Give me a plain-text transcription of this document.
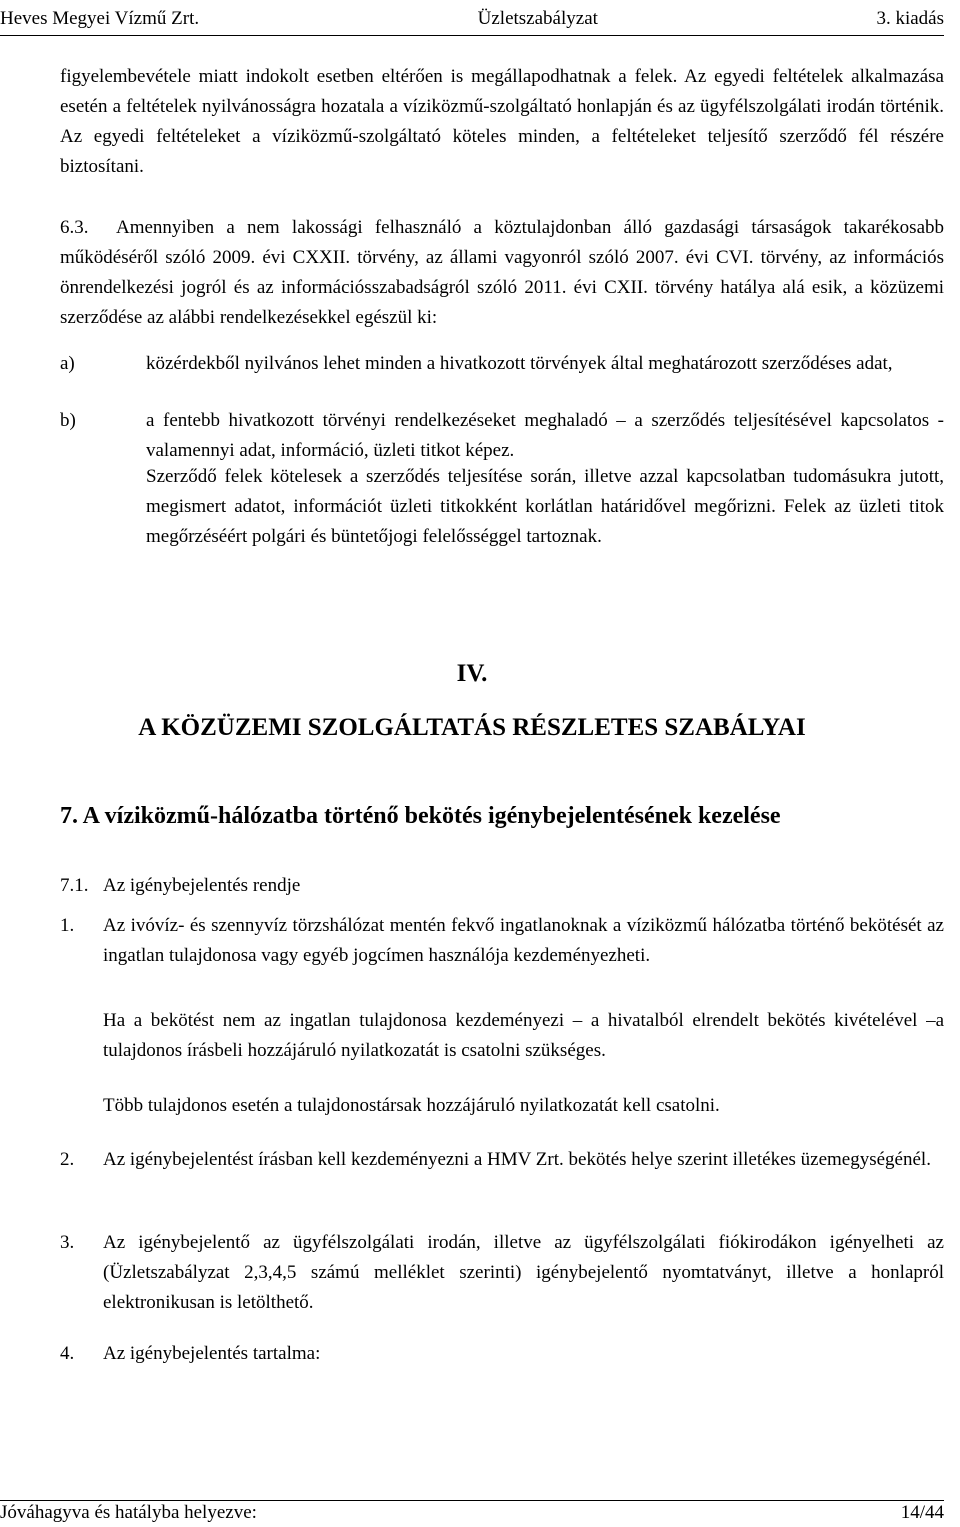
Heves Megyei Vízmű Zrt.	Üzletszabályzat	3. kiadás
figyelembevétele miatt indokolt esetben eltérően is megállapodhatnak a felek. Az egyedi feltételek alkalmazása esetén a feltételek nyilvánosságra hozatala a víziközmű-szolgáltató honlapján és az ügyfélszolgálati irodán történik. Az egyedi feltételeket a víziközmű-szolgáltató köteles minden, a feltételeket teljesítő szerződő fél részére biztosítani.
6.3.	Amennyiben a nem lakossági felhasználó a köztulajdonban álló gazdasági társaságok takarékosabb működéséről szóló 2009. évi CXXII. törvény, az állami vagyonról szóló 2007. évi CVI. törvény, az információs önrendelkezési jogról és az információsszabadságról szóló 2011. évi CXII. törvény hatálya alá esik, a közüzemi szerződése az alábbi rendelkezésekkel egészül ki:
a)	közérdekből nyilvános lehet minden a hivatkozott törvények által meghatározott szerződéses adat,
b)	a fentebb hivatkozott törvényi rendelkezéseket meghaladó – a szerződés teljesítésével kapcsolatos - valamennyi adat, információ, üzleti titkot képez.
Szerződő felek kötelesek a szerződés teljesítése során, illetve azzal kapcsolatban tudomásukra jutott, megismert adatot, információt üzleti titkokként korlátlan határidővel megőrizni. Felek az üzleti titok megőrzéséért polgári és büntetőjogi felelősséggel tartoznak.
IV.
A KÖZÜZEMI SZOLGÁLTATÁS RÉSZLETES SZABÁLYAI
7. A víziközmű-hálózatba történő bekötés igénybejelentésének kezelése
7.1. Az igénybejelentés rendje
1. Az ivóvíz- és szennyvíz törzshálózat mentén fekvő ingatlanoknak a víziközmű hálózatba történő bekötését az ingatlan tulajdonosa vagy egyéb jogcímen használója kezdeményezheti.
Ha a bekötést nem az ingatlan tulajdonosa kezdeményezi – a hivatalból elrendelt bekötés kivételével –a tulajdonos írásbeli hozzájáruló nyilatkozatát is csatolni szükséges.
Több tulajdonos esetén a tulajdonostársak hozzájáruló nyilatkozatát kell csatolni.
2. Az igénybejelentést írásban kell kezdeményezni a HMV Zrt. bekötés helye szerint illetékes üzemegységénél.
3. Az igénybejelentő az ügyfélszolgálati irodán, illetve az ügyfélszolgálati fiókirodákon igényelheti az (Üzletszabályzat 2,3,4,5 számú melléklet szerinti) igénybejelentő nyomtatványt, illetve a honlapról elektronikusan is letölthető.
4. Az igénybejelentés tartalma:
Jóváhagyva és hatályba helyezve:	14/44
